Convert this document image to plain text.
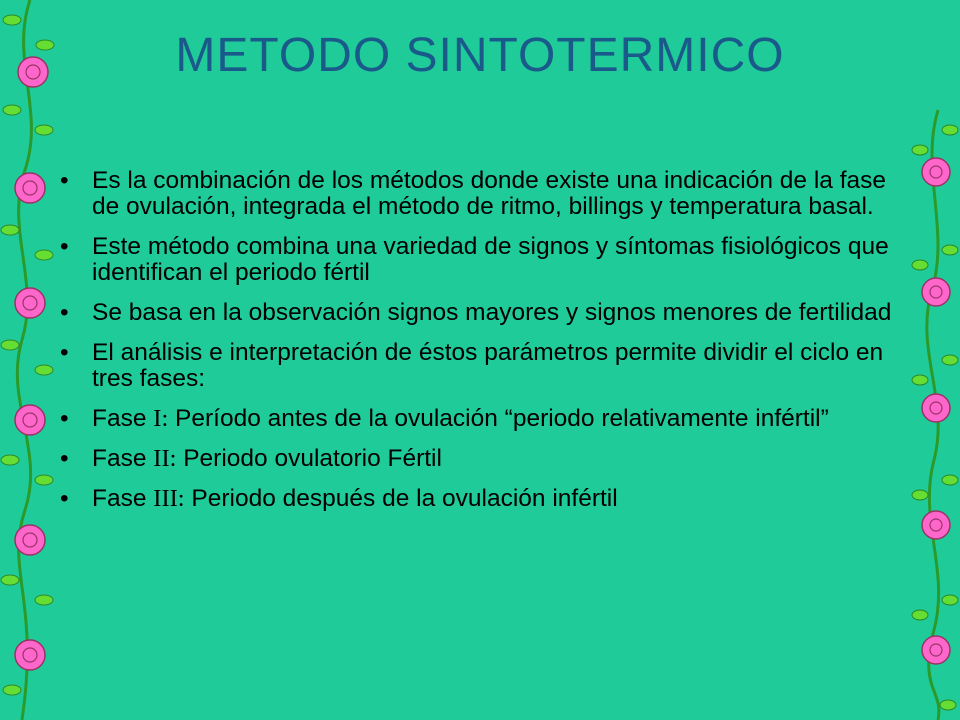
METODO SINTOTERMICO
• Es la combinación de los métodos donde existe una indicación de la fase de ovulación, integrada el método de ritmo, billings y temperatura basal.
• Este método combina una variedad de signos y síntomas fisiológicos que identifican el periodo fértil
• Se basa en la observación signos mayores y signos menores de fertilidad
• El análisis e interpretación de éstos parámetros permite dividir el ciclo en tres fases:
• Fase I: Período antes de la ovulación “periodo relativamente infértil”
• Fase II: Periodo ovulatorio Fértil
• Fase III: Periodo después de la ovulación infértil
